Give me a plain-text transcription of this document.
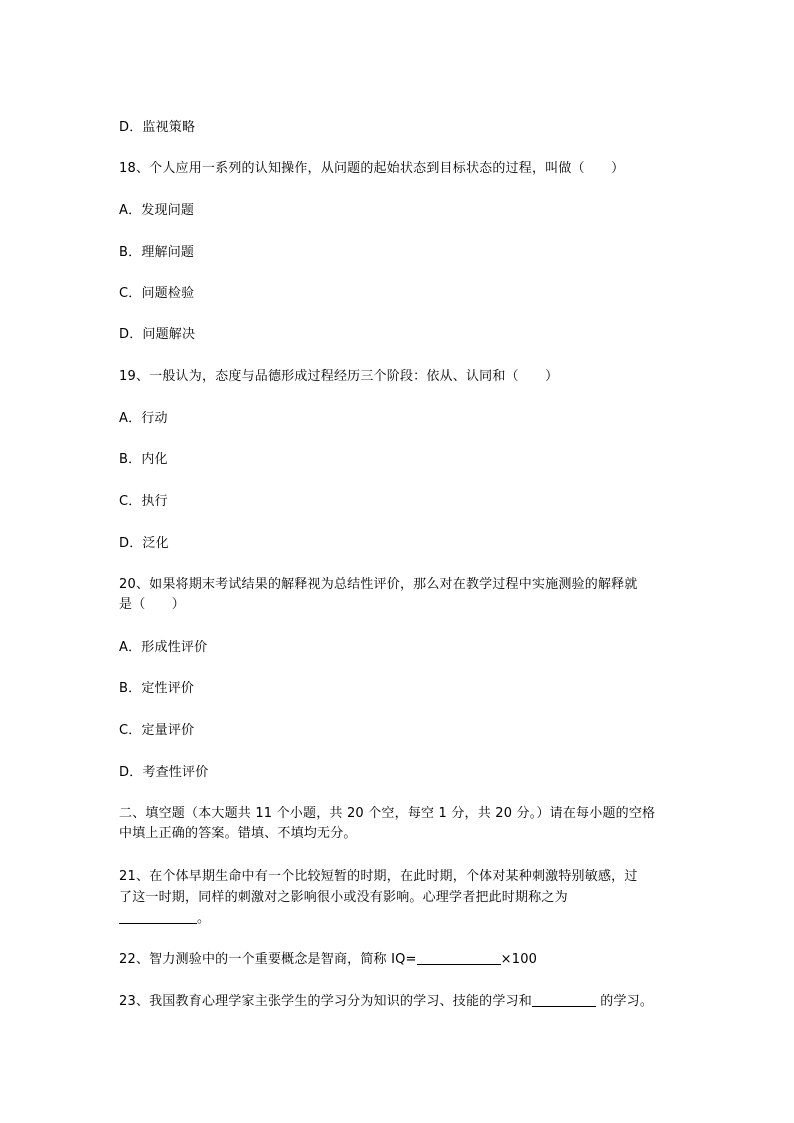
D．监视策略
18、个人应用一系列的认知操作，从问题的起始状态到目标状态的过程，叫做（　　）
A．发现问题
B．理解问题
C．问题检验
D．问题解决
19、一般认为，态度与品德形成过程经历三个阶段：依从、认同和（　　）
A．行动
B．内化
C．执行
D．泛化
20、如果将期末考试结果的解释视为总结性评价，那么对在教学过程中实施测验的解释就
是（　　）
A．形成性评价
B．定性评价
C．定量评价
D．考查性评价
二、填空题（本大题共 11 个小题，共 20 个空，每空 1 分，共 20 分。）请在每小题的空格
中填上正确的答案。错填、不填均无分。
21、在个体早期生命中有一个比较短暂的时期，在此时期，个体对某种刺激特别敏感，过
了这一时期，同样的刺激对之影响很小或没有影响。心理学者把此时期称之为
。
22、智力测验中的一个重要概念是智商，简称 IQ=	×100
23、我国教育心理学家主张学生的学习分为知识的学习、技能的学习和	的学习。
